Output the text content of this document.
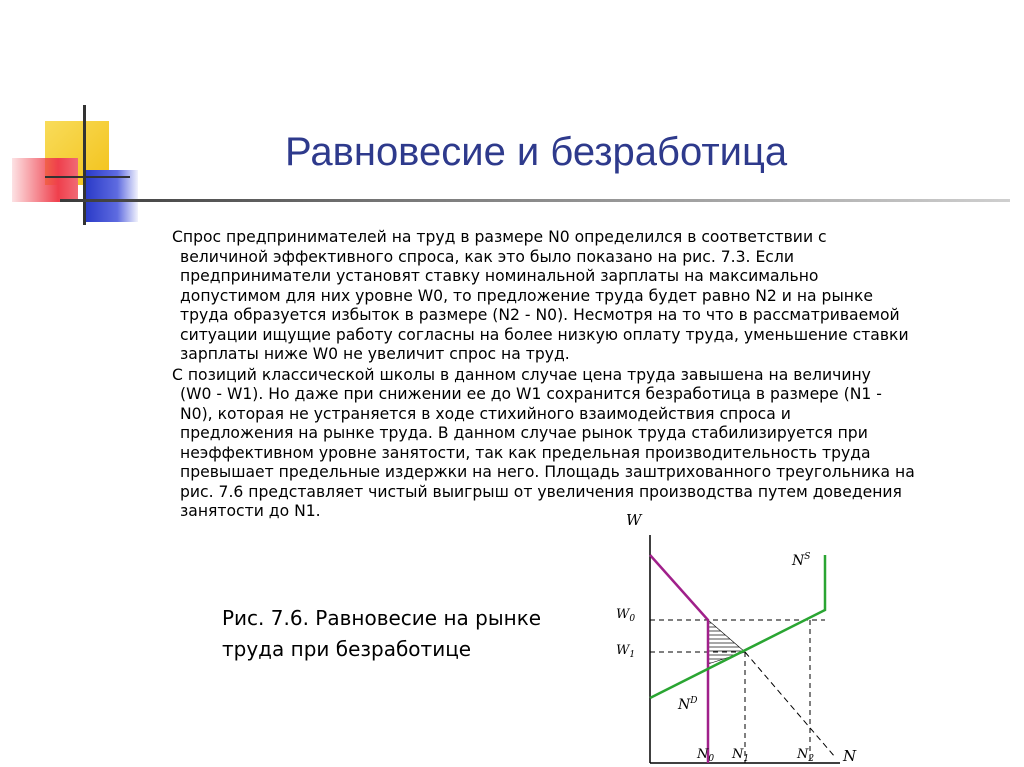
Равновесие и безработица
Спрос предпринимателей на труд в размере N0 определился в соответствии с
величиной эффективного спроса, как это было показано на рис. 7.3. Если
предприниматели установят ставку номинальной зарплаты на максимально
допустимом для них уровне W0, то предложение труда будет равно N2 и на рынке
труда образуется избыток в размере (N2 - N0). Несмотря на то что в рассматриваемой
ситуации ищущие работу согласны на более низкую оплату труда, уменьшение ставки
зарплаты ниже W0 не увеличит спрос на труд.
С позиций классической школы в данном случае цена труда завышена на величину
(W0 - W1). Но даже при снижении ее до W1 сохранится безработица в размере (N1 -
N0), которая не устраняется в ходе стихийного взаимодействия спроса и
предложения на рынке труда. В данном случае рынок труда стабилизируется при
неэффективном уровне занятости, так как предельная производительность труда
превышает предельные издержки на него. Площадь заштрихованного треугольника на
рис. 7.6 представляет чистый выигрыш от увеличения производства путем доведения
занятости до N1.
Рис. 7.6. Равновесие на рынке
труда при безработице
W
N
$N^S$
$N^D$
$W_0$
$W_1$
$N_0$ $N_1$	$N_2$
